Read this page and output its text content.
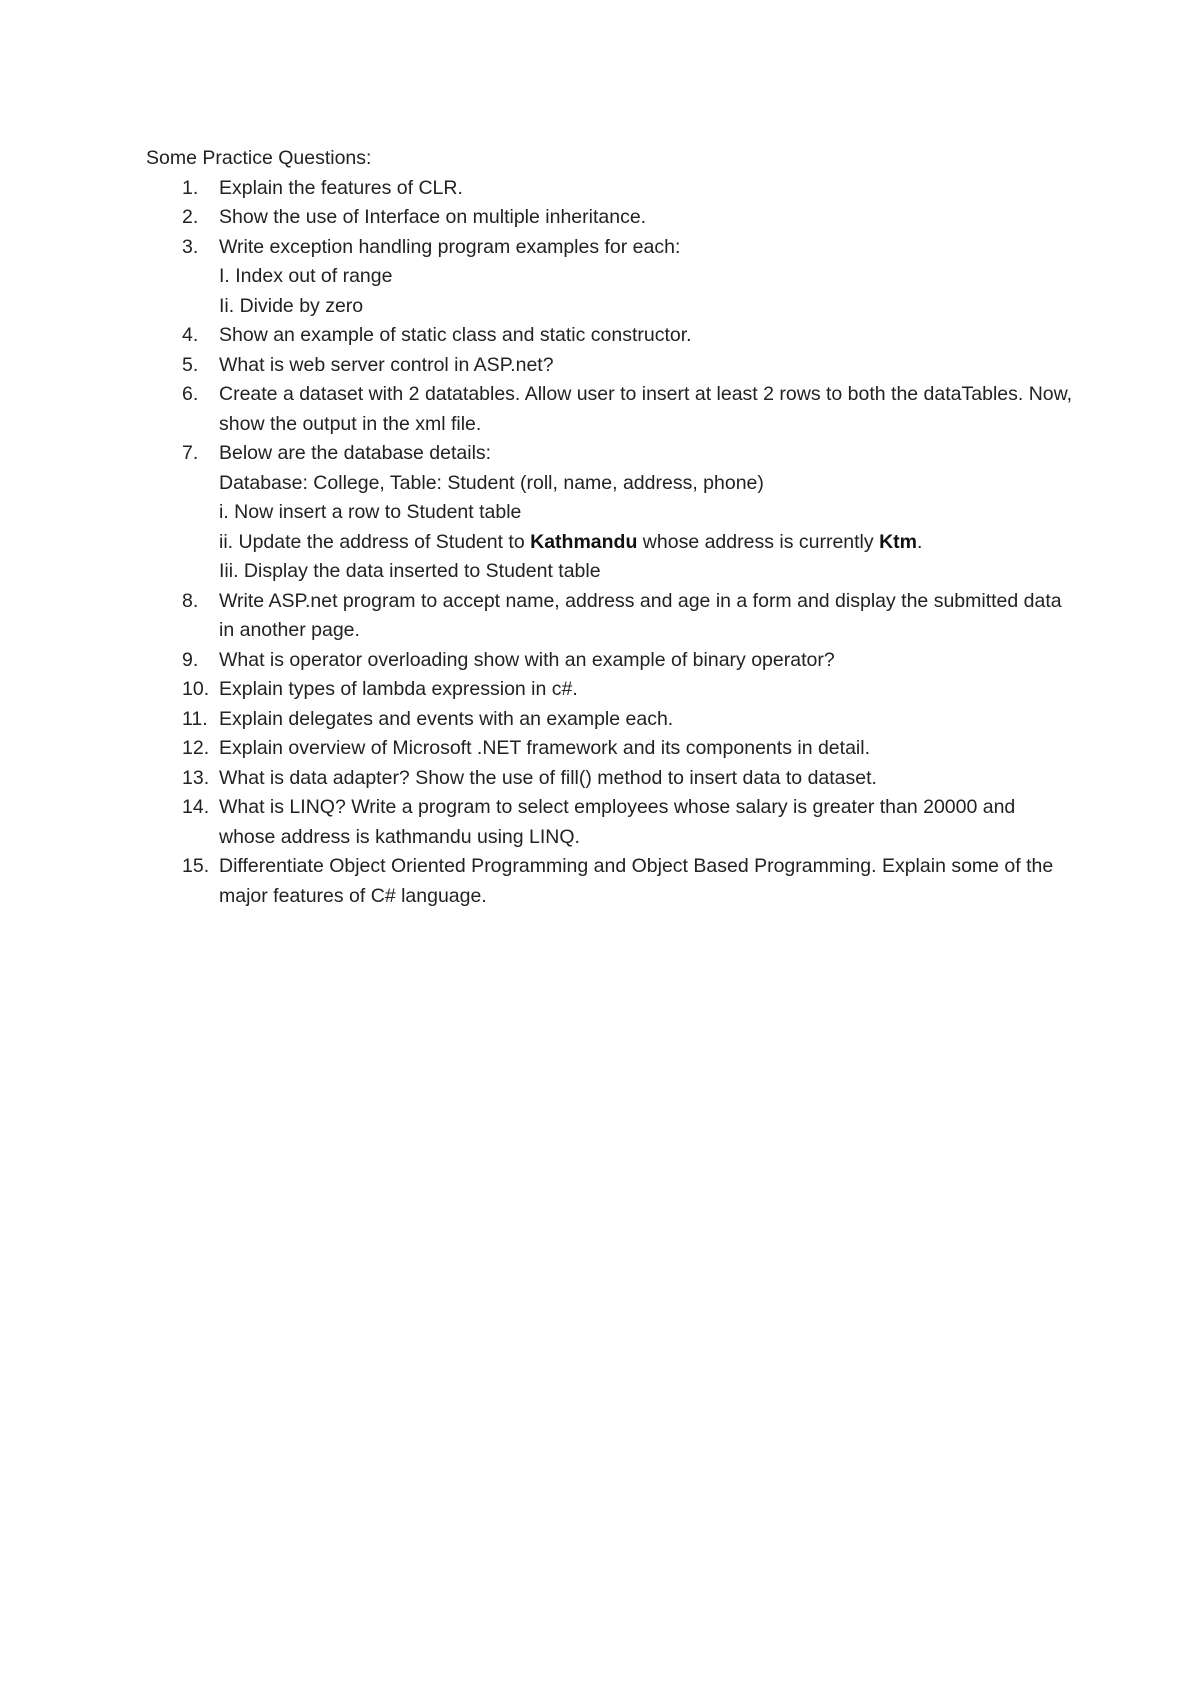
Some Practice Questions:

1. Explain the features of CLR.
2. Show the use of Interface on multiple inheritance.
3. Write exception handling program examples for each:
I. Index out of range
Ii. Divide by zero
4. Show an example of static class and static constructor.
5. What is web server control in ASP.net?
6. Create a dataset with 2 datatables. Allow user to insert at least 2 rows to both the dataTables. Now, show the output in the xml file.
7. Below are the database details:
Database: College, Table: Student (roll, name, address, phone)
i. Now insert a row to Student table
ii. Update the address of Student to Kathmandu whose address is currently Ktm.
Iii. Display the data inserted to Student table
8. Write ASP.net program to accept name, address and age in a form and display the submitted data in another page.
9. What is operator overloading show with an example of binary operator?
10. Explain types of lambda expression in c#.
11. Explain delegates and events with an example each.
12. Explain overview of Microsoft .NET framework and its components in detail.
13. What is data adapter? Show the use of fill() method to insert data to dataset.
14. What is LINQ? Write a program to select employees whose salary is greater than 20000 and whose address is kathmandu using LINQ.
15. Differentiate Object Oriented Programming and Object Based Programming. Explain some of the major features of C# language.
